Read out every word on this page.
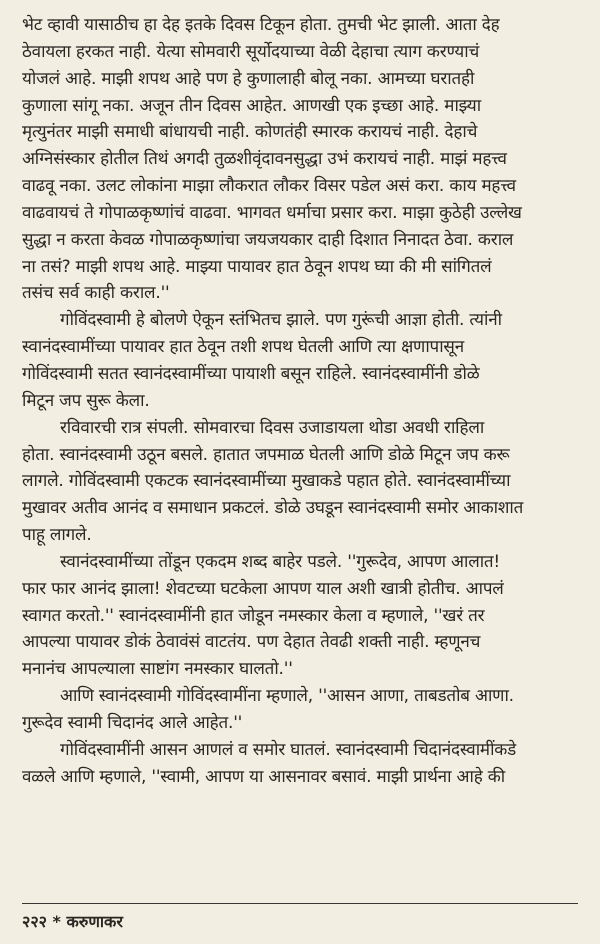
भेट व्हावी यासाठीच हा देह इतके दिवस टिकून होता. तुमची भेट झाली. आता देह

ठेवायला हरकत नाही. येत्या सोमवारी सूर्योदयाच्या वेळी देहाचा त्याग करण्याचं

योजलं आहे. माझी शपथ आहे पण हे कुणालाही बोलू नका. आमच्या घरातही

कुणाला सांगू नका. अजून तीन दिवस आहेत. आणखी एक इच्छा आहे. माझ्या

मृत्युनंतर माझी समाधी बांधायची नाही. कोणतंही स्मारक करायचं नाही. देहाचे

अग्निसंस्कार होतील तिथं अगदी तुळशीवृंदावनसुद्धा उभं करायचं नाही. माझं महत्त्व

वाढवू नका. उलट लोकांना माझा लौकरात लौकर विसर पडेल असं करा. काय महत्त्व

वाढवायचं ते गोपाळकृष्णांचं वाढवा. भागवत धर्माचा प्रसार करा. माझा कुठेही उल्लेख

सुद्धा न करता केवळ गोपाळकृष्णांचा जयजयकार दाही दिशात निनादत ठेवा. कराल

ना तसं? माझी शपथ आहे. माझ्या पायावर हात ठेवून शपथ घ्या की मी सांगितलं

तसंच सर्व काही कराल.''

गोविंदस्वामी हे बोलणे ऐकून स्तंभितच झाले. पण गुरूंची आज्ञा होती. त्यांनी

स्वानंदस्वामींच्या पायावर हात ठेवून तशी शपथ घेतली आणि त्या क्षणापासून

गोविंदस्वामी सतत स्वानंदस्वामींच्या पायाशी बसून राहिले. स्वानंदस्वामींनी डोळे

मिटून जप सुरू केला.

रविवारची रात्र संपली. सोमवारचा दिवस उजाडायला थोडा अवधी राहिला

होता. स्वानंदस्वामी उठून बसले. हातात जपमाळ घेतली आणि डोळे मिटून जप करू

लागले. गोविंदस्वामी एकटक स्वानंदस्वामींच्या मुखाकडे पहात होते. स्वानंदस्वामींच्या

मुखावर अतीव आनंद व समाधान प्रकटलं. डोळे उघडून स्वानंदस्वामी समोर आकाशात

पाहू लागले.

स्वानंदस्वामींच्या तोंडून एकदम शब्द बाहेर पडले. ''गुरूदेव, आपण आलात!

फार फार आनंद झाला! शेवटच्या घटकेला आपण याल अशी खात्री होतीच. आपलं

स्वागत करतो.'' स्वानंदस्वामींनी हात जोडून नमस्कार केला व म्हणाले, ''खरं तर

आपल्या पायावर डोकं ठेवावंसं वाटतंय. पण देहात तेवढी शक्ती नाही. म्हणूनच

मनानंच आपल्याला साष्टांग नमस्कार घालतो.''

आणि स्वानंदस्वामी गोविंदस्वामींना म्हणाले, ''आसन आणा, ताबडतोब आणा.

गुरूदेव स्वामी चिदानंद आले आहेत.''

गोविंदस्वामींनी आसन आणलं व समोर घातलं. स्वानंदस्वामी चिदानंदस्वामींकडे

वळले आणि म्हणाले, ''स्वामी, आपण या आसनावर बसावं. माझी प्रार्थना आहे की

२२२ * करुणाकर
